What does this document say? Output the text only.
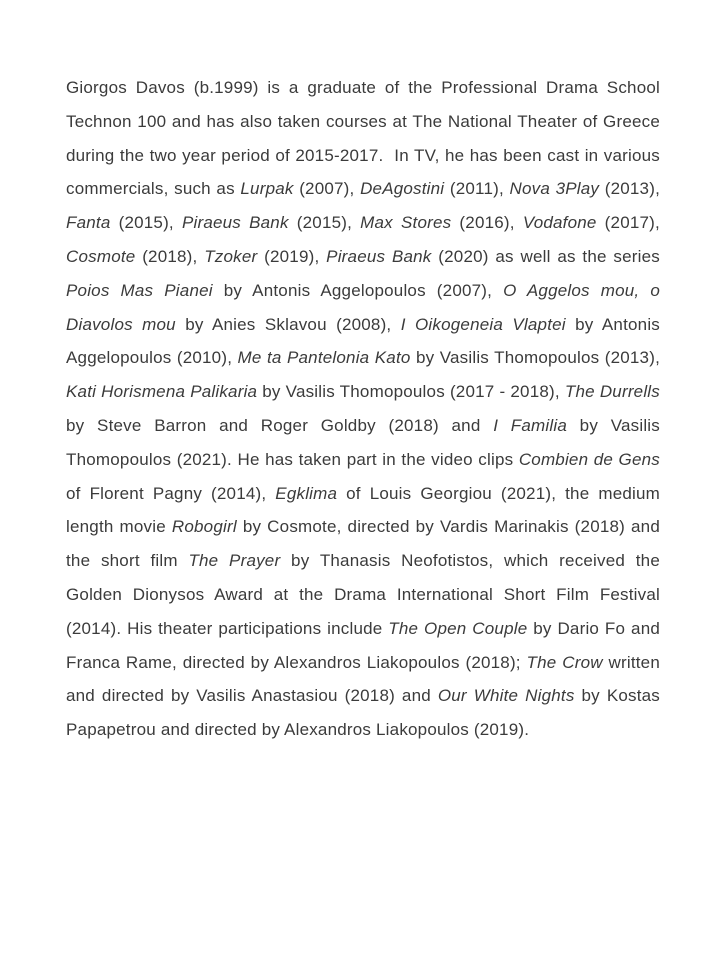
Giorgos Davos (b.1999) is a graduate of the Professional Drama School Technon 100 and has also taken courses at The National Theater of Greece during the two year period of 2015-2017.  In TV, he has been cast in various commercials, such as Lurpak (2007), DeAgostini (2011), Nova 3Play (2013), Fanta (2015), Piraeus Bank (2015), Max Stores (2016), Vodafone (2017), Cosmote (2018), Tzoker (2019), Piraeus Bank (2020) as well as the series Poios Mas Pianei by Antonis Aggelopoulos (2007), O Aggelos mou, o Diavolos mou by Anies Sklavou (2008), I Oikogeneia Vlaptei by Antonis Aggelopoulos (2010), Me ta Pantelonia Kato by Vasilis Thomopoulos (2013), Kati Horismena Palikaria by Vasilis Thomopoulos (2017 - 2018), The Durrells by Steve Barron and Roger Goldby (2018) and I Familia by Vasilis Thomopoulos (2021). He has taken part in the video clips Combien de Gens of Florent Pagny (2014), Egklima of Louis Georgiou (2021), the medium length movie Robogirl by Cosmote, directed by Vardis Marinakis (2018) and the short film The Prayer by Thanasis Neofotistos, which received the Golden Dionysos Award at the Drama International Short Film Festival (2014). His theater participations include The Open Couple by Dario Fo and Franca Rame, directed by Alexandros Liakopoulos (2018); The Crow written and directed by Vasilis Anastasiou (2018) and Our White Nights by Kostas Papapetrou and directed by Alexandros Liakopoulos (2019).
